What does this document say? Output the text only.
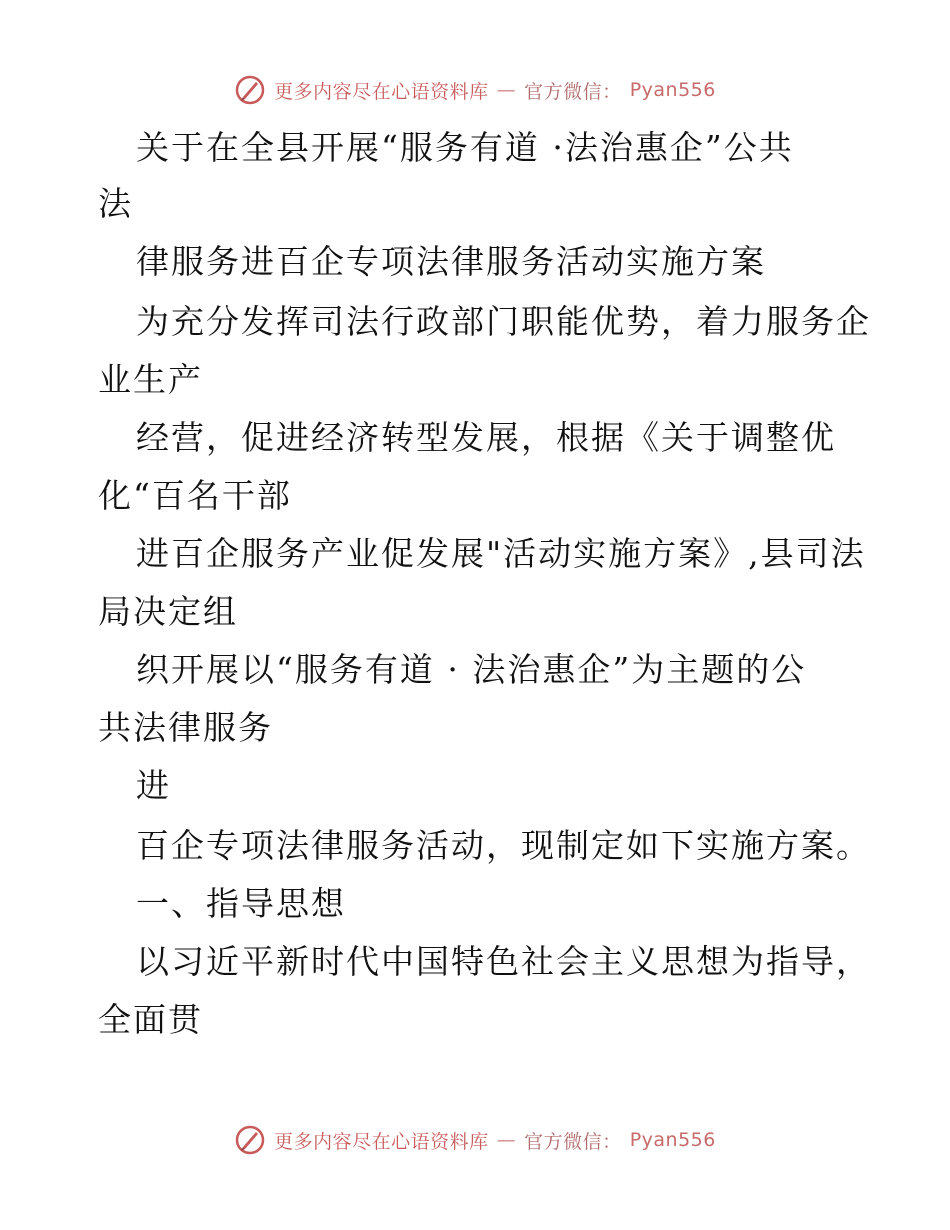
更多内容尽在心语资料库 — 官方微信： Pyan556
关于在全县开展“服务有道 ·法治惠企”公共
法
律服务进百企专项法律服务活动实施方案
为充分发挥司法行政部门职能优势，着力服务企
业生产
经营，促进经济转型发展，根据《关于调整优
化“百名干部
进百企服务产业促发展"活动实施方案》,县司法
局决定组
织开展以“服务有道 · 法治惠企”为主题的公
共法律服务
进
百企专项法律服务活动，现制定如下实施方案。
一、指导思想
以习近平新时代中国特色社会主义思想为指导，
全面贯
更多内容尽在心语资料库 — 官方微信： Pyan556
